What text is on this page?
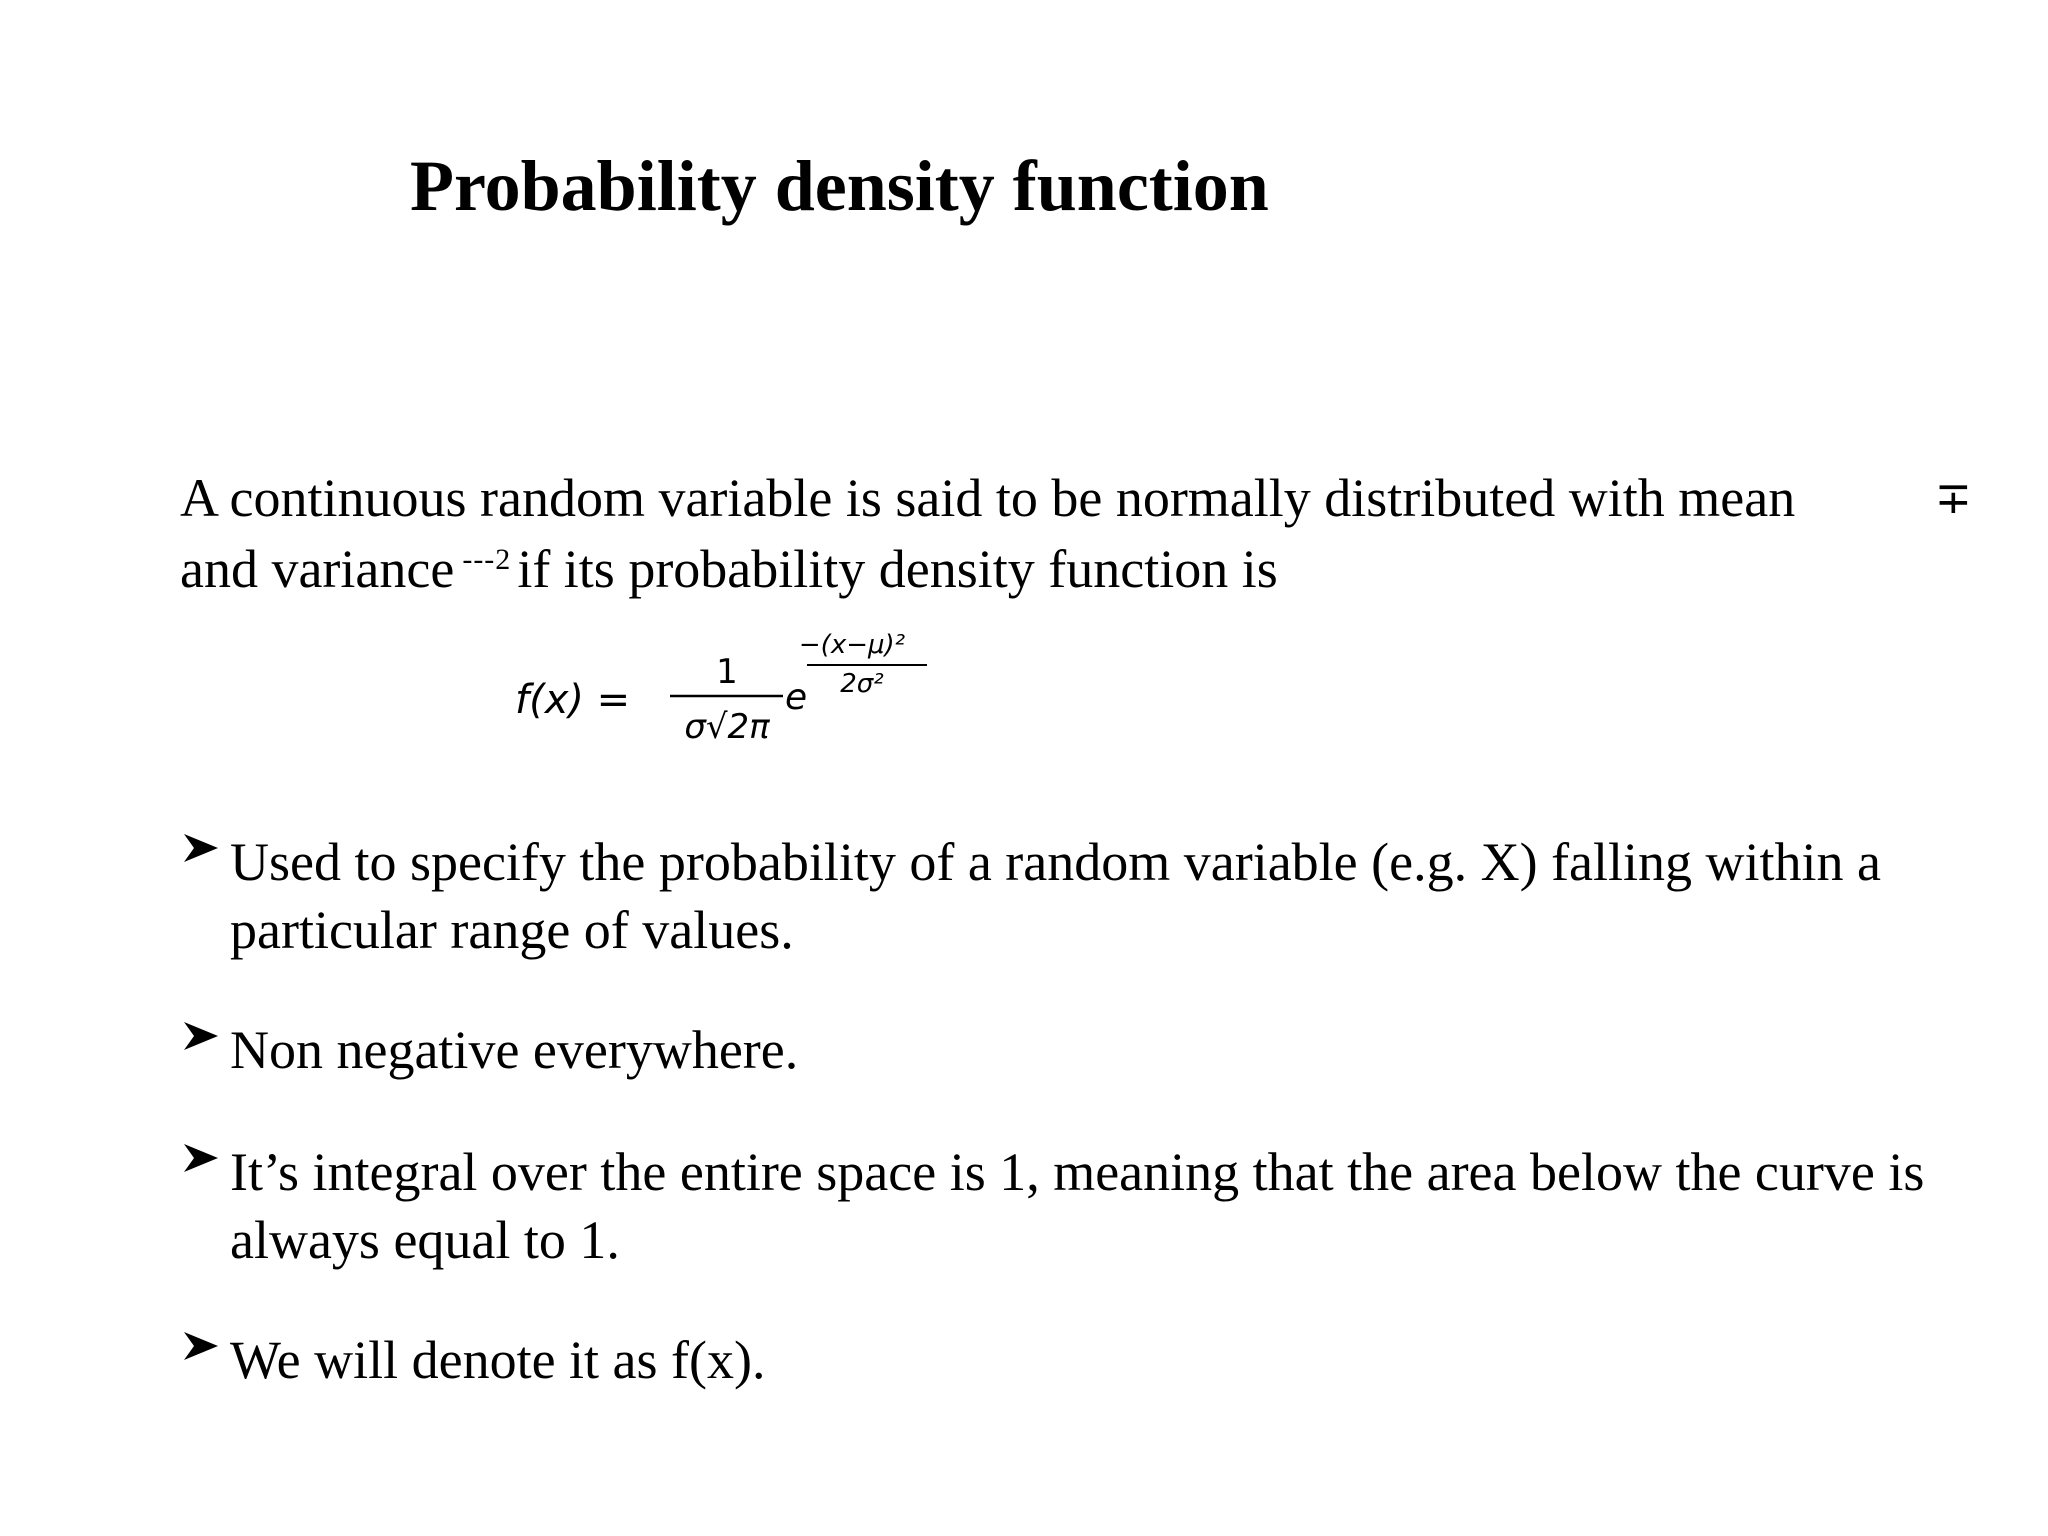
Probability density function
A continuous random variable is said to be normally distributed with mean
and variance ---2 if its probability density function is
∓
f(x) =
1
σ√2π
e
−(x−μ)²
2σ²
Used to specify the probability of a random variable (e.g. X) falling within a particular range of values.
Non negative everywhere.
It’s integral over the entire space is 1, meaning that the area below the curve is always equal to 1.
We will denote it as f(x).
